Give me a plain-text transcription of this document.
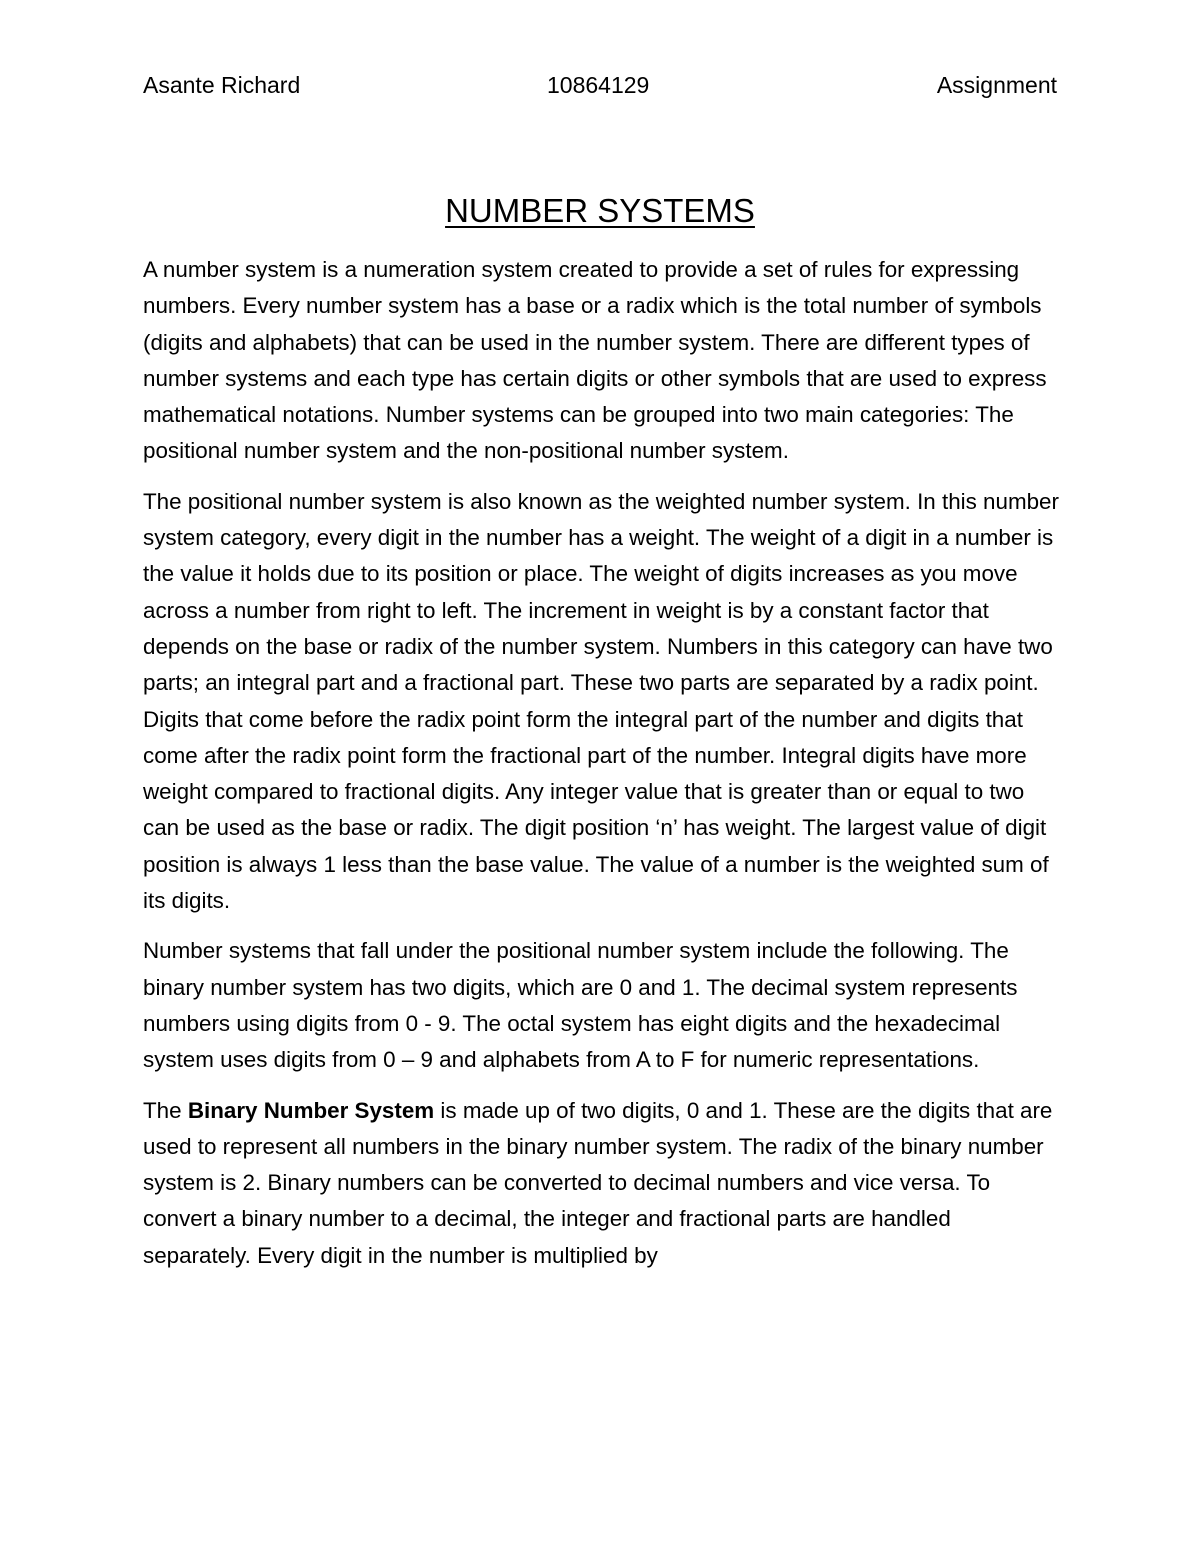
Asante Richard	10864129	Assignment
NUMBER SYSTEMS

A number system is a numeration system created to provide a set of rules for expressing numbers. Every number system has a base or a radix which is the total number of symbols (digits and alphabets) that can be used in the number system. There are different types of number systems and each type has certain digits or other symbols that are used to express mathematical notations. Number systems can be grouped into two main categories: The positional number system and the non-positional number system.

The positional number system is also known as the weighted number system. In this number system category, every digit in the number has a weight. The weight of a digit in a number is the value it holds due to its position or place. The weight of digits increases as you move across a number from right to left. The increment in weight is by a constant factor that depends on the base or radix of the number system. Numbers in this category can have two parts; an integral part and a fractional part. These two parts are separated by a radix point. Digits that come before the radix point form the integral part of the number and digits that come after the radix point form the fractional part of the number. Integral digits have more weight compared to fractional digits. Any integer value that is greater than or equal to two can be used as the base or radix. The digit position ‘n’ has weight. The largest value of digit position is always 1 less than the base value. The value of a number is the weighted sum of its digits.

Number systems that fall under the positional number system include the following. The binary number system has two digits, which are 0 and 1. The decimal system represents numbers using digits from 0 - 9. The octal system has eight digits and the hexadecimal system uses digits from 0 – 9 and alphabets from A to F for numeric representations.

The Binary Number System is made up of two digits, 0 and 1. These are the digits that are used to represent all numbers in the binary number system. The radix of the binary number system is 2. Binary numbers can be converted to decimal numbers and vice versa. To convert a binary number to a decimal, the integer and fractional parts are handled separately. Every digit in the number is multiplied by
